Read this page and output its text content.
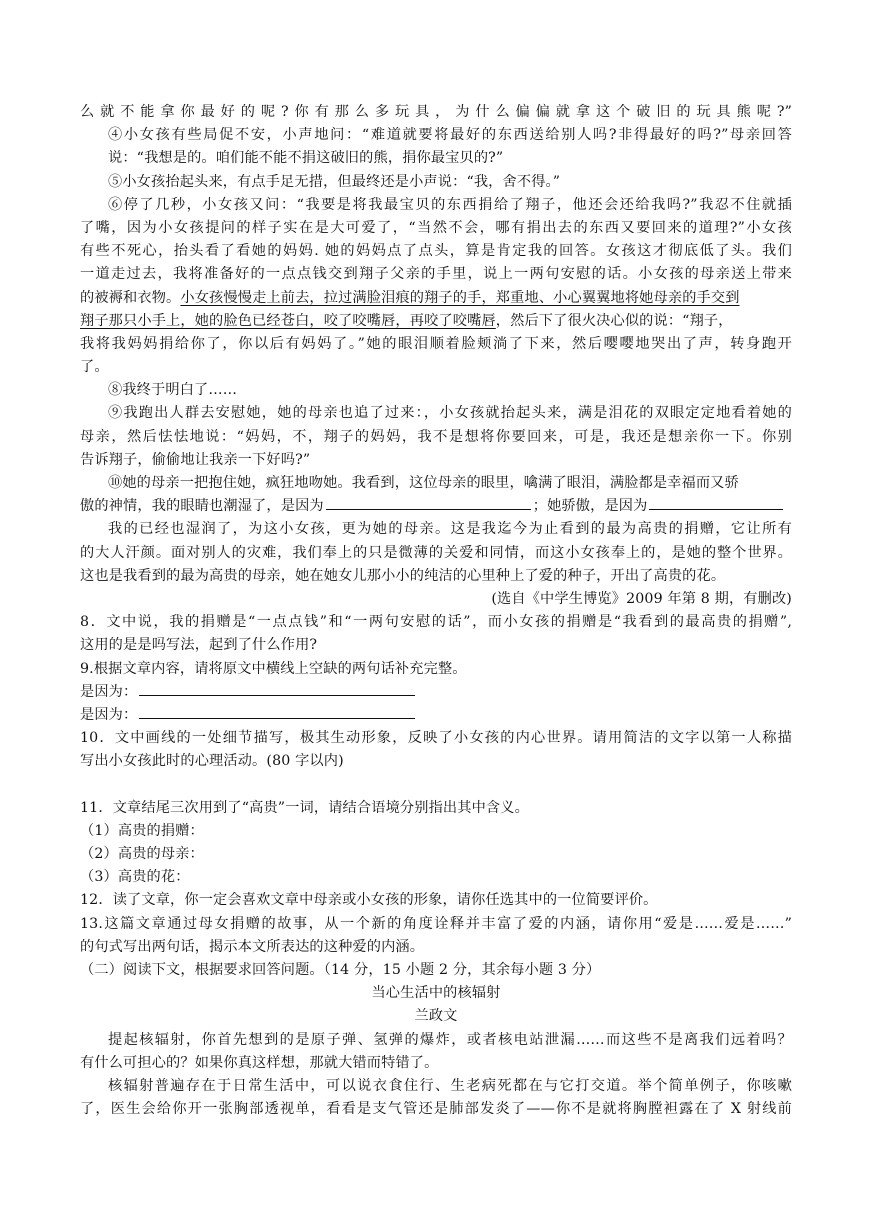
么就不能拿你最好的呢?你有那么多玩具，为什么偏偏就拿这个破旧的玩具熊呢?”
④小女孩有些局促不安，小声地问：“难道就要将最好的东西送给别人吗?非得最好的吗?”母亲回答
说：“我想是的。咱们能不能不捐这破旧的熊，捐你最宝贝的?”
⑤小女孩抬起头来，有点手足无措，但最终还是小声说：“我，舍不得。”
⑥停了几秒，小女孩又问：“我要是将我最宝贝的东西捐给了翔子，他还会还给我吗?”我忍不住就插
了嘴，因为小女孩提问的样子实在是大可爱了，“当然不会，哪有捐出去的东西又要回来的道理?”小女孩
有些不死心，抬头看了看她的妈妈. 她的妈妈点了点头，算是肯定我的回答。女孩这才彻底低了头。我们
一道走过去，我将准备好的一点点钱交到翔子父亲的手里，说上一两句安慰的话。小女孩的母亲送上带来
的被褥和衣物。小女孩慢慢走上前去，拉过满脸泪痕的翔子的手，郑重地、小心翼翼地将她母亲的手交到
翔子那只小手上，她的脸色已经苍白，咬了咬嘴唇，再咬了咬嘴唇，然后下了很火决心似的说：“翔子，
我将我妈妈捐给你了，你以后有妈妈了。”她的眼泪顺着脸颊淌了下来，然后嘤嘤地哭出了声，转身跑开
了。
⑧我终于明白了……
⑨我跑出人群去安慰她，她的母亲也追了过来：，小女孩就抬起头来，满是泪花的双眼定定地看着她的
母亲，然后怯怯地说：“妈妈，不，翔子的妈妈，我不是想将你要回来，可是，我还是想亲你一下。你别
告诉翔子，偷偷地让我亲一下好吗?”
⑩她的母亲一把抱住她，疯狂地吻她。我看到，这位母亲的眼里，噙满了眼泪，满脸都是幸福而又骄
傲的神情，我的眼睛也潮湿了，是因为	；她骄傲，是因为
我的已经也湿润了，为这小女孩，更为她的母亲。这是我迄今为止看到的最为高贵的捐赠，它让所有
的大人汗颜。面对别人的灾难，我们奉上的只是微薄的关爱和同情，而这小女孩奉上的，是她的整个世界。
这也是我看到的最为高贵的母亲，她在她女儿那小小的纯洁的心里种上了爱的种子，开出了高贵的花。
(选自《中学生博览》2009 年第 8 期，有删改)
8．文中说，我的捐赠是“一点点钱”和“一两句安慰的话”，而小女孩的捐赠是“我看到的最高贵的捐赠”,
这用的是是吗写法，起到了什么作用?
9.根据文章内容，请将原文中横线上空缺的两句话补充完整。
是因为：
是因为：
10．文中画线的一处细节描写，极其生动形象，反映了小女孩的内心世界。请用简洁的文字以第一人称描
写出小女孩此时的心理活动。(80 字以内)
11．文章结尾三次用到了“高贵”一词，请结合语境分别指出其中含义。
（1）高贵的捐赠：
（2）高贵的母亲：
（3）高贵的花：
12．读了文章，你一定会喜欢文章中母亲或小女孩的形象，请你任选其中的一位简要评价。
13.这篇文章通过母女捐赠的故事，从一个新的角度诠释并丰富了爱的内涵，请你用“爱是……爱是……”
的句式写出两句话，揭示本文所表达的这种爱的内涵。
（二）阅读下文，根据要求回答问题。（14 分，15 小题 2 分，其余每小题 3 分）
当心生活中的核辐射
兰政文
提起核辐射，你首先想到的是原子弹、氢弹的爆炸，或者核电站泄漏……而这些不是离我们远着吗？
有什么可担心的？如果你真这样想，那就大错而特错了。
核辐射普遍存在于日常生活中，可以说衣食住行、生老病死都在与它打交道。举个简单例子，你咳嗽
了，医生会给你开一张胸部透视单，看看是支气管还是肺部发炎了——你不是就将胸膛袒露在了 X 射线前
